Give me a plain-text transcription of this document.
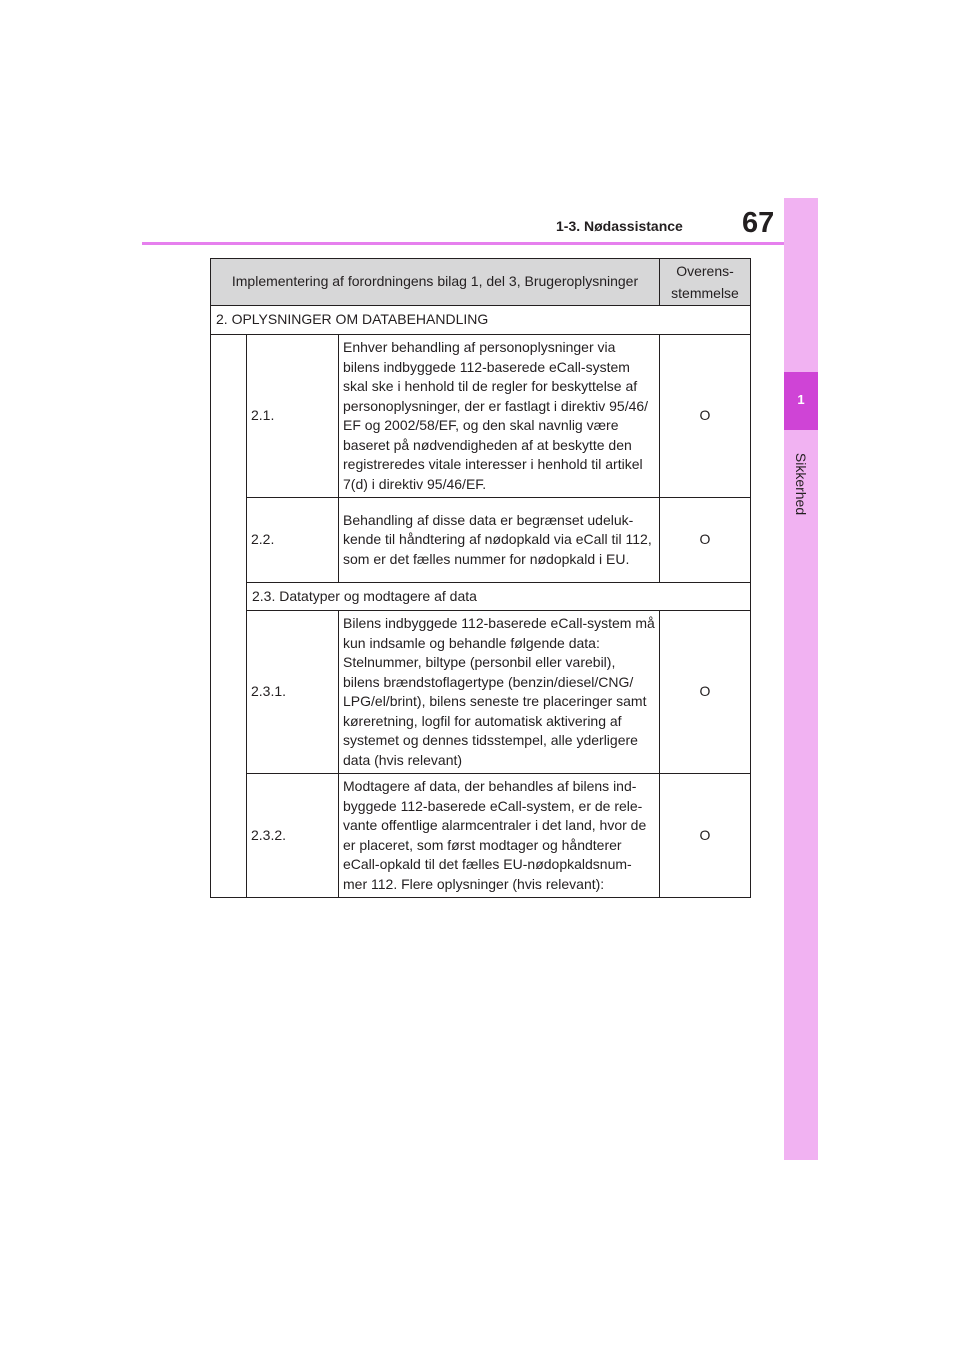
1
Sikkerhed
1-3. Nødassistance 67
Implementering af forordningens bilag 1, del 3, Brugeroplysninger			Overens-
stemmelse
2. OPLYSNINGER OM DATABEHANDLING			
	2.1.	Enhver behandling af personoplysninger via bilens indbyggede 112-baserede eCall-system skal ske i henhold til de regler for beskyttelse af personoplysninger, der er fastlagt i direktiv 95/46/ EF og 2002/58/EF, og den skal navnlig være baseret på nødvendigheden af at beskytte den registreredes vitale interesser i henhold til artikel 7(d) i direktiv 95/46/EF.	O
	2.2.	Behandling af disse data er begrænset udeluk-kende til håndtering af nødopkald via eCall til 112, som er det fælles nummer for nødopkald i EU.	O
	2.3. Datatyper og modtagere af data		
	2.3.1.	Bilens indbyggede 112-baserede eCall-system må kun indsamle og behandle følgende data: Stelnummer, biltype (personbil eller varebil), bilens brændstoflagertype (benzin/diesel/CNG/ LPG/el/brint), bilens seneste tre placeringer samt køreretning, logfil for automatisk aktivering af systemet og dennes tidsstempel, alle yderligere data (hvis relevant)	O
	2.3.2.	Modtagere af data, der behandles af bilens ind-byggede 112-baserede eCall-system, er de rele-vante offentlige alarmcentraler i det land, hvor de er placeret, som først modtager og håndterer eCall-opkald til det fælles EU-nødopkaldsnum-mer 112. Flere oplysninger (hvis relevant):	O
